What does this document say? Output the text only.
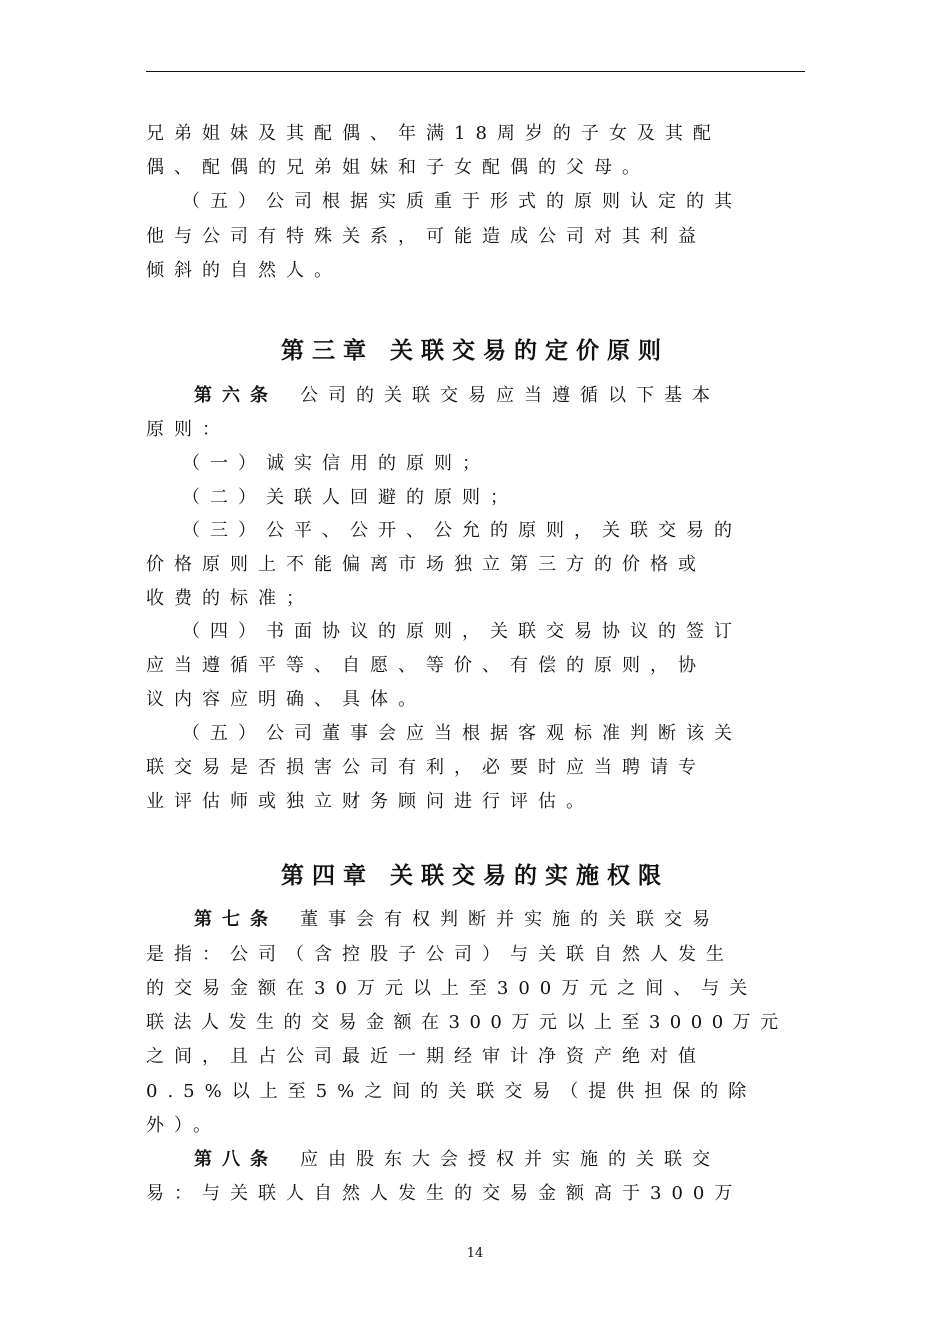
兄弟姐妹及其配偶、年满18周岁的子女及其配
偶、配偶的兄弟姐妹和子女配偶的父母。
（五）公司根据实质重于形式的原则认定的其
他与公司有特殊关系，可能造成公司对其利益
倾斜的自然人。
第三章 关联交易的定价原则
第六条 公司的关联交易应当遵循以下基本
原则：
（一）诚实信用的原则；
（二）关联人回避的原则；
（三）公平、公开、公允的原则，关联交易的
价格原则上不能偏离市场独立第三方的价格或
收费的标准；
（四）书面协议的原则，关联交易协议的签订
应当遵循平等、自愿、等价、有偿的原则，协
议内容应明确、具体。
（五）公司董事会应当根据客观标准判断该关
联交易是否损害公司有利，必要时应当聘请专
业评估师或独立财务顾问进行评估。
第四章 关联交易的实施权限
第七条 董事会有权判断并实施的关联交易
是指：公司（含控股子公司）与关联自然人发生
的交易金额在30万元以上至300万元之间、与关
联法人发生的交易金额在300万元以上至3000万元
之间，且占公司最近一期经审计净资产绝对值
0.5%以上至5%之间的关联交易（提供担保的除
外）。
第八条 应由股东大会授权并实施的关联交
易：与关联人自然人发生的交易金额高于300万
14
